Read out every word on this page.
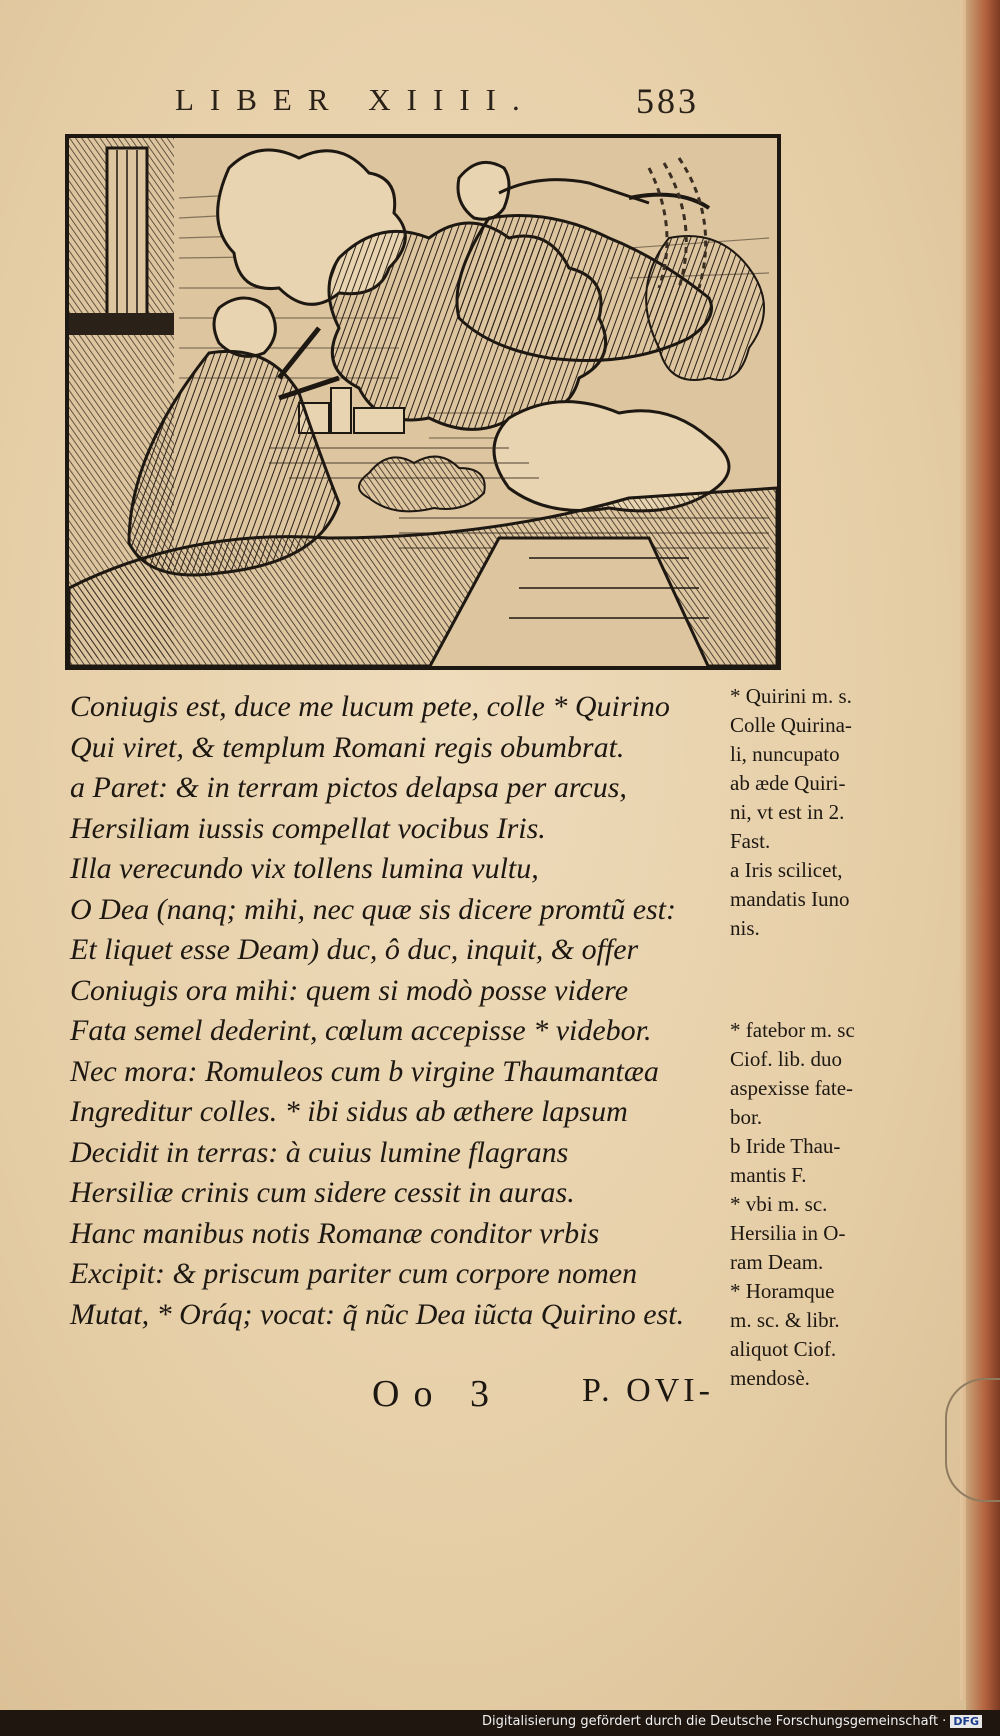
LIBER XIIII.	583
Coniugis est, duce me lucum pete, colle * Quirino
Qui viret, & templum Romani regis obumbrat.
a Paret: & in terram pictos delapsa per arcus,
Hersiliam iussis compellat vocibus Iris.
Illa verecundo vix tollens lumina vultu,
O Dea (nanq; mihi, nec quæ sis dicere promtũ est:
Et liquet esse Deam) duc, ô duc, inquit, & offer
Coniugis ora mihi: quem si modò posse videre
Fata semel dederint, cœlum accepisse * videbor.
Nec mora: Romuleos cum b virgine Thaumantæa
Ingreditur colles. * ibi sidus ab æthere lapsum
Decidit in terras: à cuius lumine flagrans
Hersiliæ crinis cum sidere cessit in auras.
Hanc manibus notis Romanæ conditor vrbis
Excipit: & priscum pariter cum corpore nomen
Mutat, * Oráq; vocat: q̃ nũc Dea iũcta Quirino est.
* Quirini m. s.
Colle Quirina-
li, nuncupato
ab æde Quiri-
ni, vt est in 2.
Fast.
a Iris scilicet,
mandatis Iuno
nis.
* fatebor m. sc
Ciof. lib. duo
aspexisse fate-
bor.
b Iride Thau-
mantis F.
* vbi m. sc.
Hersilia in O-
ram Deam.
* Horamque
m. sc. & libr.
aliquot Ciof.
mendosè.
Oo 3 P. OVI-
Digitalisierung gefördert durch die Deutsche Forschungsgemeinschaft · DFG
